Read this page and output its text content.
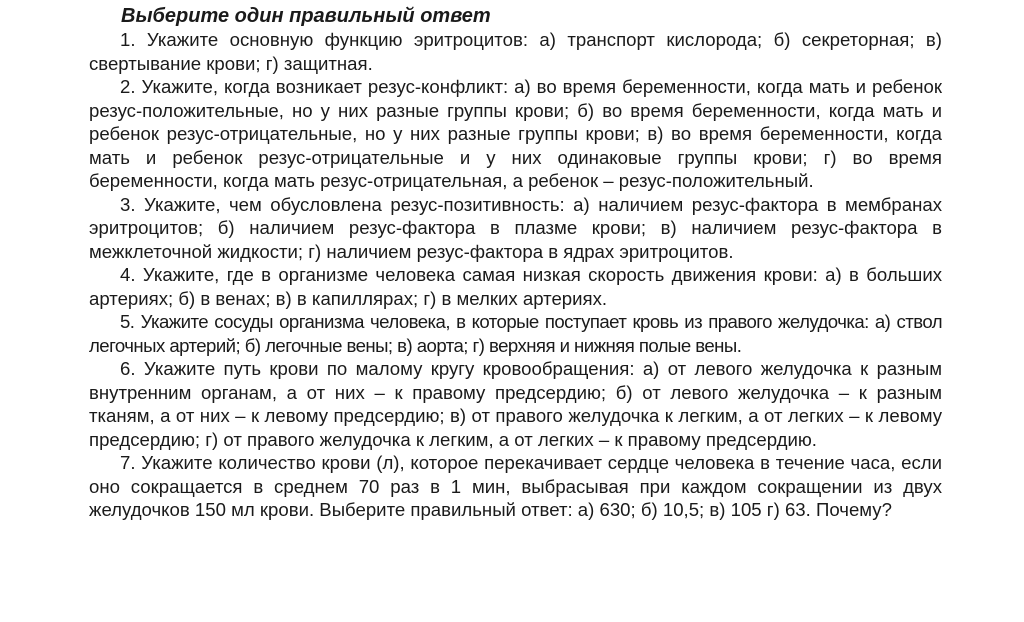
Выберите один правильный ответ

1. Укажите основную функцию эритроцитов: а) транспорт кислорода; б) секреторная; в) свертывание крови; г) защитная.

2. Укажите, когда возникает резус-конфликт: а) во время беременности, когда мать и ребенок резус-положительные, но у них разные группы крови; б) во время беременности, когда мать и ребенок резус-отрицательные, но у них разные группы крови; в) во время беременности, когда мать и ребенок резус-отрицательные и у них одинаковые группы крови; г) во время беременности, когда мать резус-отрицательная, а ребенок – резус-положительный.

3. Укажите, чем обусловлена резус-позитивность: а) наличием резус-фактора в мембранах эритроцитов; б) наличием резус-фактора в плазме крови; в) наличием резус-фактора в межклеточной жидкости; г) наличием резус-фактора в ядрах эритроцитов.

4. Укажите, где в организме человека самая низкая скорость движения крови: а) в больших артериях; б) в венах; в) в капиллярах; г) в мелких артериях.

5. Укажите сосуды организма человека, в которые поступает кровь из правого желудочка: а) ствол легочных артерий; б) легочные вены; в) аорта; г) верхняя и нижняя полые вены.

6. Укажите путь крови по малому кругу кровообращения: а) от левого желудочка к разным внутренним органам, а от них – к правому предсердию; б) от левого желудочка – к разным тканям, а от них – к левому предсердию; в) от правого желудочка к легким, а от легких – к левому предсердию; г) от правого желудочка к легким, а от легких – к правому предсердию.

7. Укажите количество крови (л), которое перекачивает сердце человека в течение часа, если оно сокращается в среднем 70 раз в 1 мин, выбрасывая при каждом сокращении из двух желудочков 150 мл крови. Выберите правильный ответ: а) 630; б) 10,5; в) 105 г) 63. Почему?
